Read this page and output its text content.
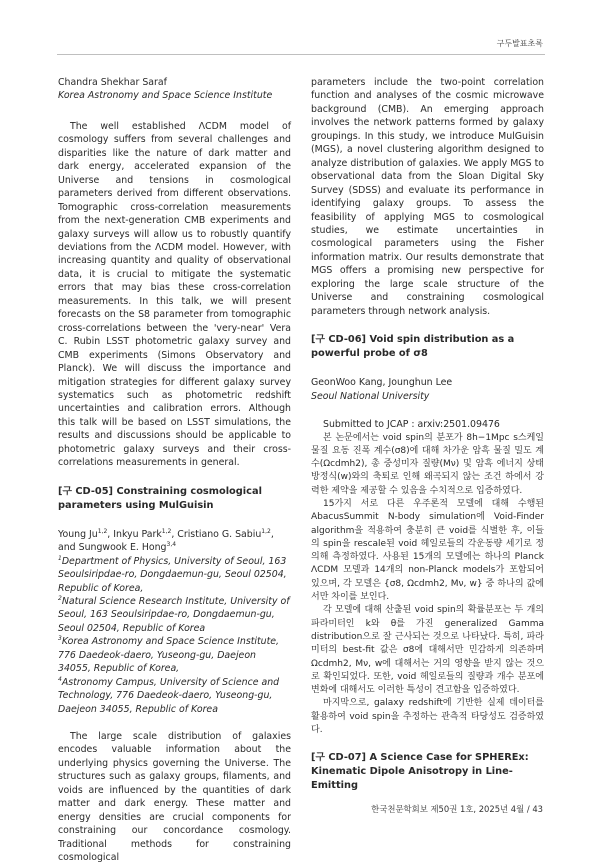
구두발표초록

Chandra Shekhar Saraf

Korea Astronomy and Space Science Institute

The well established ΛCDM model of cosmology suffers from several challenges and disparities like the nature of dark matter and dark energy, accelerated expansion of the Universe and tensions in cosmological parameters derived from different observations. Tomographic cross-correlation measurements from the next-generation CMB experiments and galaxy surveys will allow us to robustly quantify deviations from the ΛCDM model. However, with increasing quantity and quality of observational data, it is crucial to mitigate the systematic errors that may bias these cross-correlation measurements. In this talk, we will present forecasts on the S8 parameter from tomographic cross-correlations between the 'very-near' Vera C. Rubin LSST photometric galaxy survey and CMB experiments (Simons Observatory and Planck). We will discuss the importance and mitigation strategies for different galaxy survey systematics such as photometric redshift uncertainties and calibration errors. Although this talk will be based on LSST simulations, the results and discussions should be applicable to photometric galaxy surveys and their cross-correlations measurements in general.

[구 CD-05] Constraining cosmological parameters using MulGuisin

Young Ju$^{1,2}$, Inkyu Park$^{1,2}$, Cristiano G. Sabiu$^{1,2}$, and Sungwook E. Hong$^{3,4}$

$^1$Department of Physics, University of Seoul, 163 Seoulsiripdae-ro, Dongdaemun-gu, Seoul 02504, Republic of Korea,

$^2$Natural Science Research Institute, University of Seoul, 163 Seoulsiripdae-ro, Dongdaemun-gu, Seoul 02504, Republic of Korea

$^3$Korea Astronomy and Space Science Institute, 776 Daedeok-daero, Yuseong-gu, Daejeon 34055, Republic of Korea,

$^4$Astronomy Campus, University of Science and Technology, 776 Daedeok-daero, Yuseong-gu, Daejeon 34055, Republic of Korea

The large scale distribution of galaxies encodes valuable information about the underlying physics governing the Universe. The structures such as galaxy groups, filaments, and voids are influenced by the quantities of dark matter and dark energy. These matter and energy densities are crucial components for constraining our concordance cosmology. Traditional methods for constraining cosmological

parameters include the two-point correlation function and analyses of the cosmic microwave background (CMB). An emerging approach involves the network patterns formed by galaxy groupings. In this study, we introduce MulGuisin (MGS), a novel clustering algorithm designed to analyze distribution of galaxies. We apply MGS to observational data from the Sloan Digital Sky Survey (SDSS) and evaluate its performance in identifying galaxy groups. To assess the feasibility of applying MGS to cosmological studies, we estimate uncertainties in cosmological parameters using the Fisher information matrix. Our results demonstrate that MGS offers a promising new perspective for exploring the large scale structure of the Universe and constraining cosmological parameters through network analysis.

[구 CD-06] Void spin distribution as a powerful probe of σ8

GeonWoo Kang, Jounghun Lee

Seoul National University

Submitted to JCAP : arxiv:2501.09476

본 논문에서는 void spin의 분포가 8h−1Mpc s스케일 물질 요동 진폭 계수(σ8)에 대해 차가운 암흑 물질 밀도 계수(Ωcdmh2), 총 중성미자 질량(Mν) 및 암흑 에너지 상태방정식(w)와의 축퇴로 인해 왜곡되지 않는 조건 하에서 강력한 제약을 제공할 수 있음을 수치적으로 입증하였다.

15가지 서로 다른 우주론적 모델에 대해 수행된 AbacusSummit N-body simulation에 Void-Finder algorithm을 적용하여 충분히 큰 void를 식별한 후, 이들의 spin을 rescale된 void 헤일로들의 각운동량 세기로 정의해 측정하였다. 사용된 15개의 모델에는 하나의 Planck ΛCDM 모델과 14개의 non-Planck models가 포함되어 있으며, 각 모델은 {σ8, Ωcdmh2, Mν, w} 중 하나의 값에서만 차이를 보인다.

각 모델에 대해 산출된 void spin의 확률분포는 두 개의 파라미터인 k와 θ를 가진 generalized Gamma distribution으로 잘 근사되는 것으로 나타났다. 특히, 파라미터의 best-fit 값은 σ8에 대해서만 민감하게 의존하며 Ωcdmh2, Mν, w에 대해서는 거의 영향을 받지 않는 것으로 확인되었다. 또한, void 헤일로들의 질량과 개수 분포에 변화에 대해서도 이러한 특성이 견고함을 입증하였다.

마지막으로, galaxy redshift에 기반한 실제 데이터를 활용하여 void spin을 추정하는 관측적 타당성도 검증하였다.

[구 CD-07] A Science Case for SPHEREx: Kinematic Dipole Anisotropy in Line-Emitting

한국천문학회보 제50권 1호, 2025년 4월 / 43
